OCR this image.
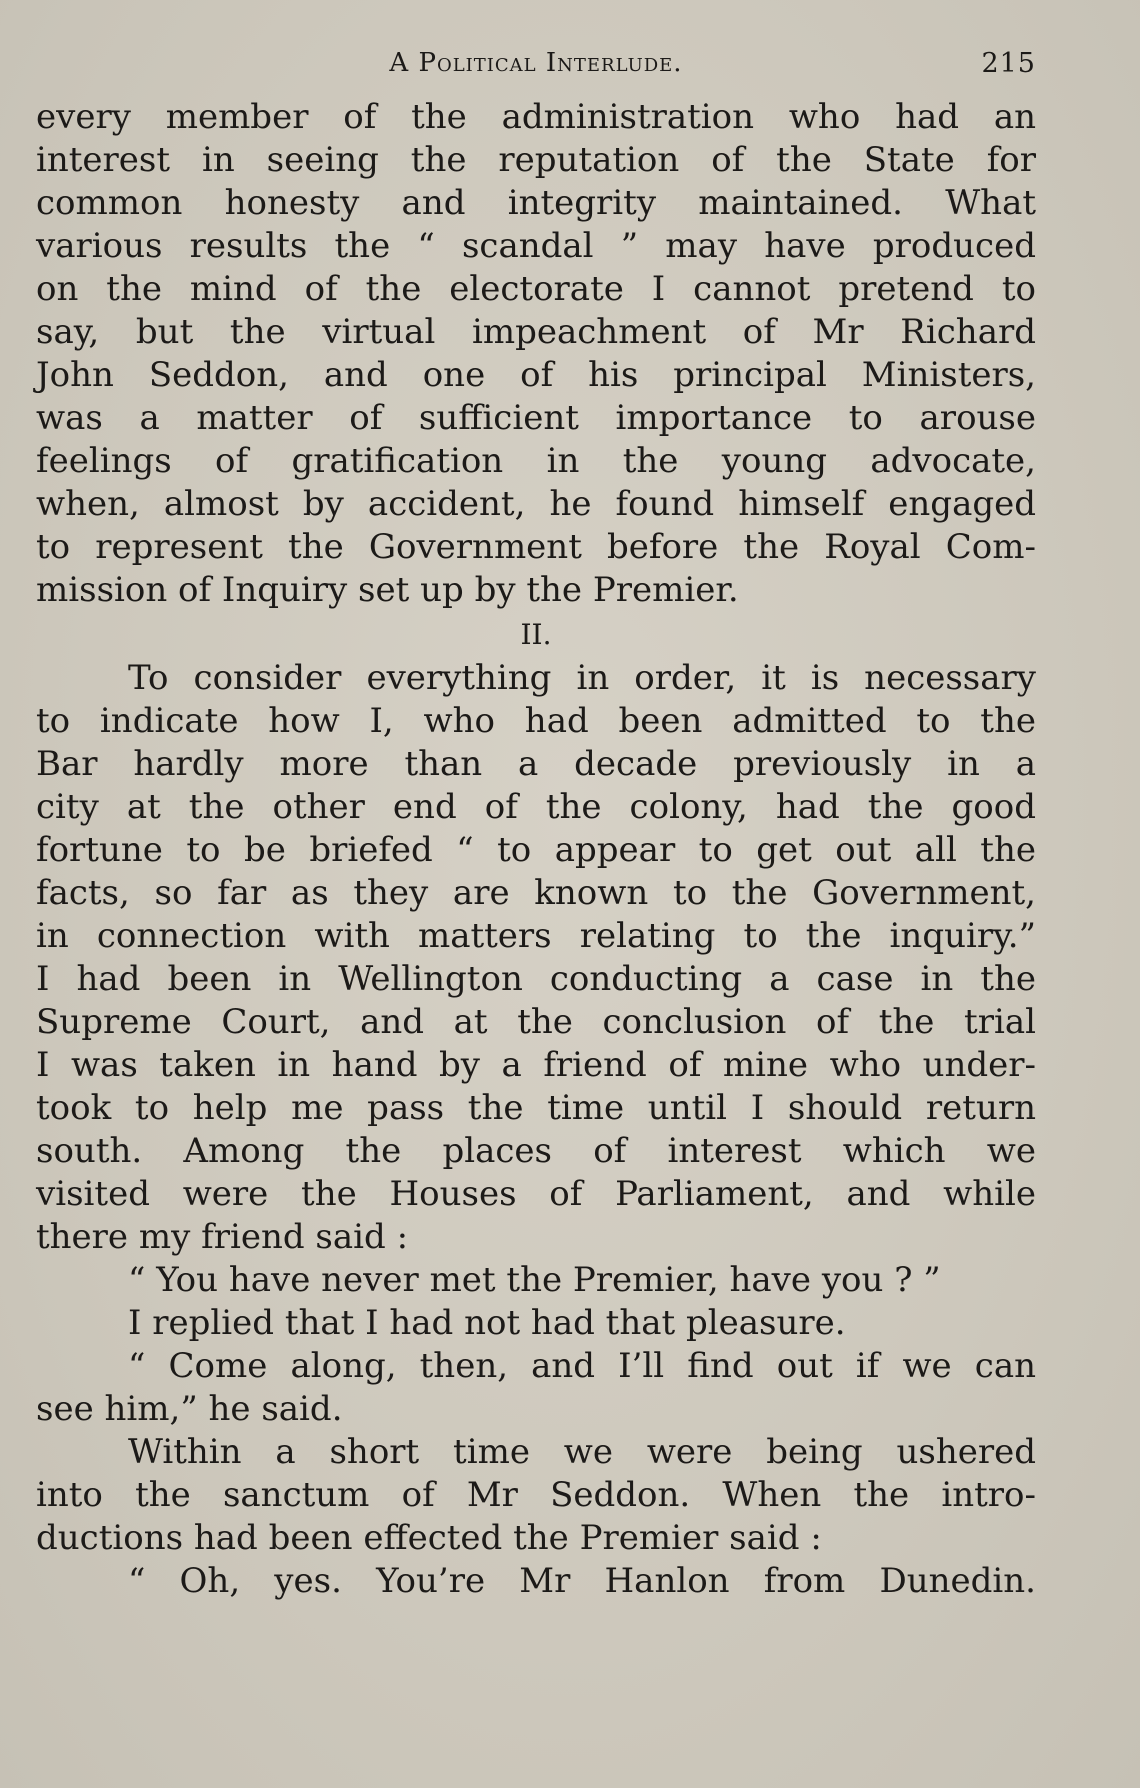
A Political Interlude.	215

every member of the administration who had an

interest in seeing the reputation of the State for

common honesty and integrity maintained. What

various results the “ scandal ” may have produced

on the mind of the electorate I cannot pretend to

say, but the virtual impeachment of Mr Richard

John Seddon, and one of his principal Ministers,

was a matter of sufficient importance to arouse

feelings of gratification in the young advocate,

when, almost by accident, he found himself engaged

to represent the Government before the Royal Com-

mission of Inquiry set up by the Premier.

II.

To consider everything in order, it is necessary

to indicate how I, who had been admitted to the

Bar hardly more than a decade previously in a

city at the other end of the colony, had the good

fortune to be briefed “ to appear to get out all the

facts, so far as they are known to the Government,

in connection with matters relating to the inquiry.”

I had been in Wellington conducting a case in the

Supreme Court, and at the conclusion of the trial

I was taken in hand by a friend of mine who under-

took to help me pass the time until I should return

south. Among the places of interest which we

visited were the Houses of Parliament, and while

there my friend said :

“ You have never met the Premier, have you ? ”

I replied that I had not had that pleasure.

“ Come along, then, and I’ll find out if we can

see him,” he said.

Within a short time we were being ushered

into the sanctum of Mr Seddon. When the intro-

ductions had been effected the Premier said :

“ Oh, yes. You’re Mr Hanlon from Dunedin.
